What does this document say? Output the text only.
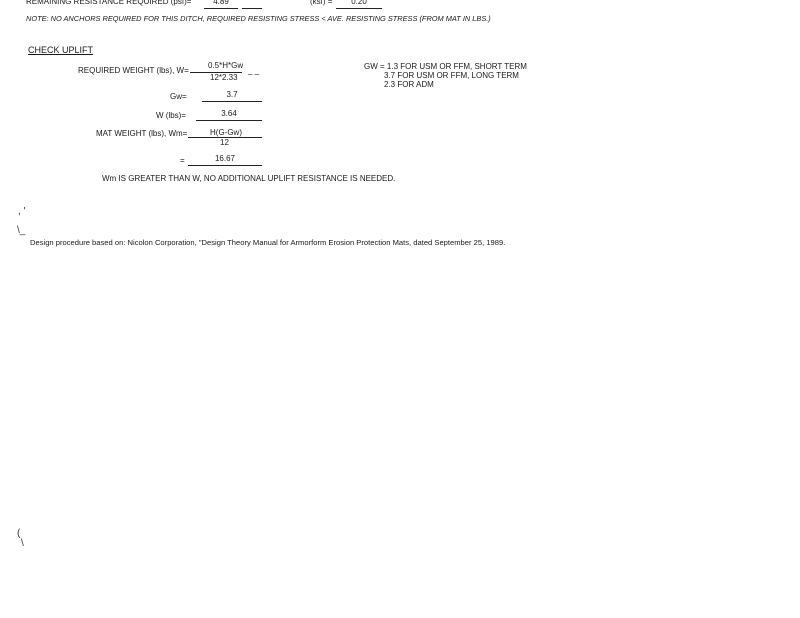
REMAINING RESISTANCE REQUIRED (psf)=	4.89	(ksf) =	0.20
NOTE: NO ANCHORS REQUIRED FOR THIS DITCH, REQUIRED RESISTING STRESS < AVE. RESISTING STRESS (FROM MAT IN LBS.)
CHECK UPLIFT
REQUIRED WEIGHT (lbs), W=
0.5*H*Gw
12*2.33
_ _	GW = 1.3 FOR USM OR FFM, SHORT TERM
3.7 FOR USM OR FFM, LONG TERM
2.3 FOR ADM
Gw=	3.7
W (lbs)=	3.64
MAT WEIGHT (lbs), Wm=	H(G-Gw)
12
=	16.67
Wm IS GREATER THAN W, NO ADDITIONAL UPLIFT RESISTANCE IS NEEDED.
, '
\_
(
\
Design procedure based on: Nicolon Corporation, "Design Theory Manual for Armorform Erosion Protection Mats, dated September 25, 1989.
